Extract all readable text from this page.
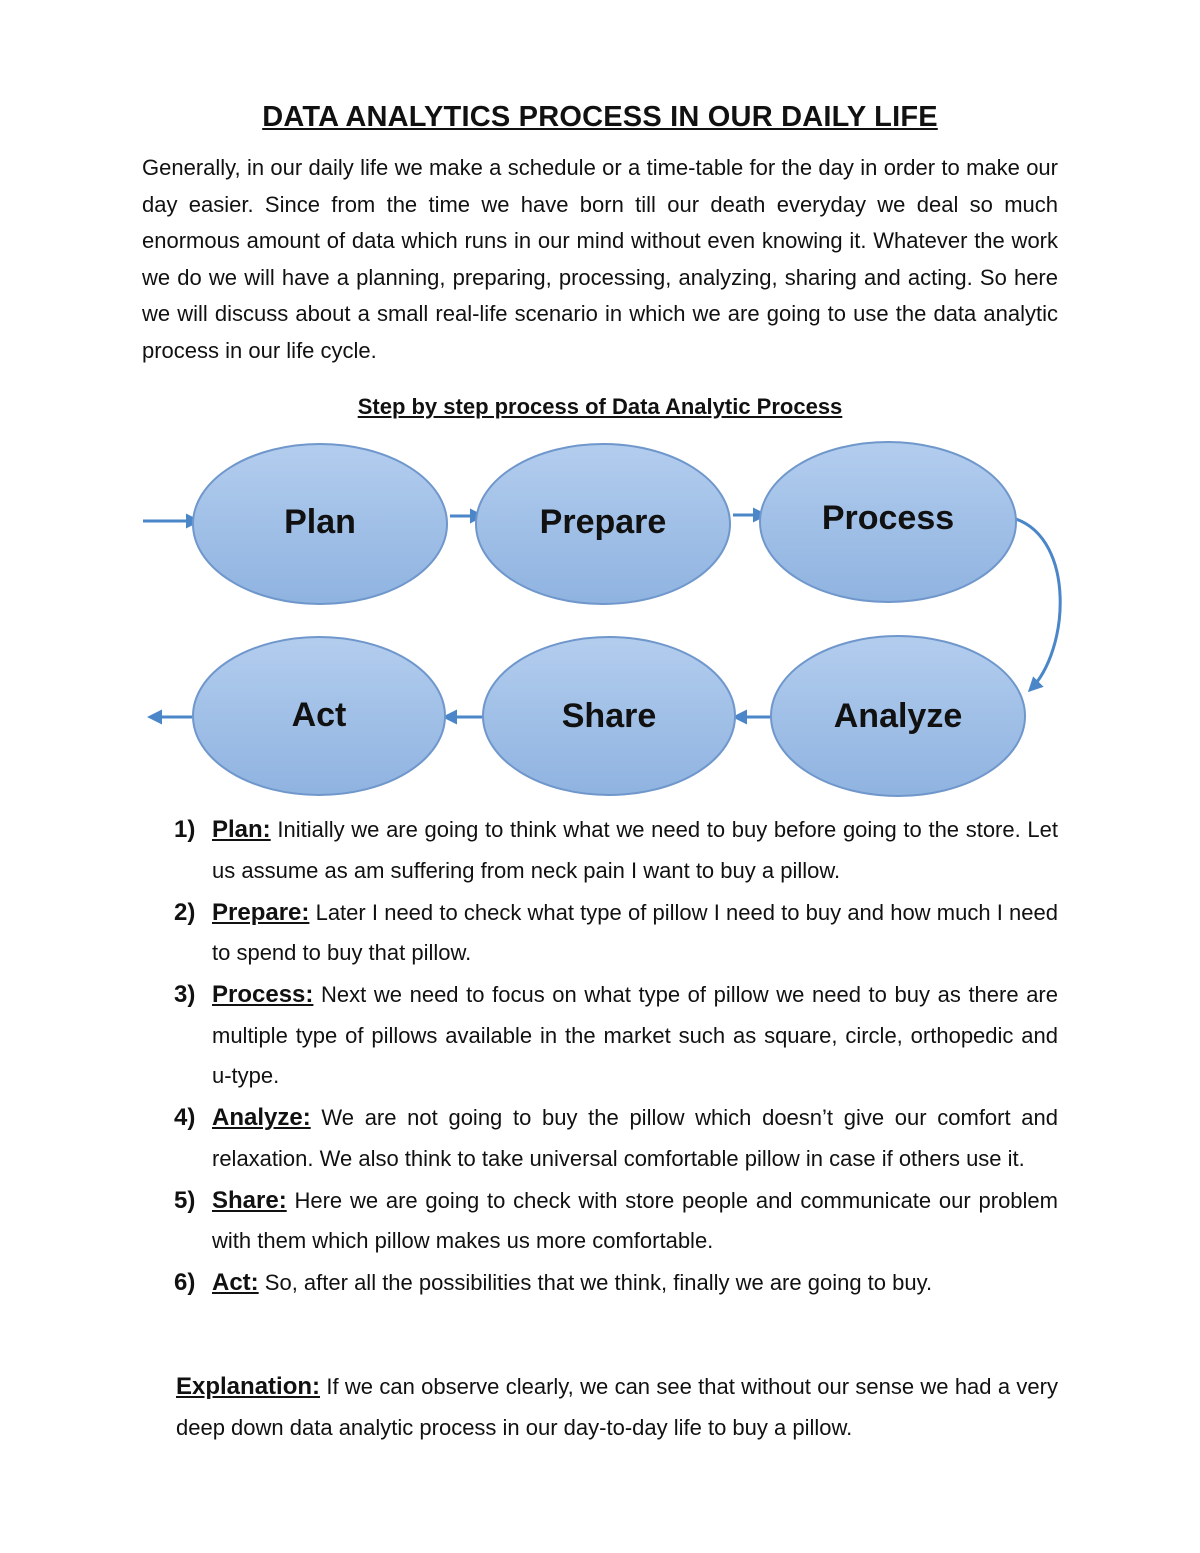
DATA ANALYTICS PROCESS IN OUR DAILY LIFE

Generally, in our daily life we make a schedule or a time-table for the day in order to make our day easier. Since from the time we have born till our death everyday we deal so much enormous amount of data which runs in our mind without even knowing it. Whatever the work we do we will have a planning, preparing, processing, analyzing, sharing and acting. So here we will discuss about a small real-life scenario in which we are going to use the data analytic process in our life cycle.

Step by step process of Data Analytic Process
Plan	Prepare	Process
Analyze
Share
Act
1) Plan: Initially we are going to think what we need to buy before going to the store. Let us assume as am suffering from neck pain I want to buy a pillow.
2) Prepare: Later I need to check what type of pillow I need to buy and how much I need to spend to buy that pillow.
3) Process: Next we need to focus on what type of pillow we need to buy as there are multiple type of pillows available in the market such as square, circle, orthopedic and u-type.
4) Analyze: We are not going to buy the pillow which doesn’t give our comfort and relaxation. We also think to take universal comfortable pillow in case if others use it.
5) Share: Here we are going to check with store people and communicate our problem with them which pillow makes us more comfortable.
6) Act: So, after all the possibilities that we think, finally we are going to buy.

Explanation: If we can observe clearly, we can see that without our sense we had a very deep down data analytic process in our day-to-day life to buy a pillow.
